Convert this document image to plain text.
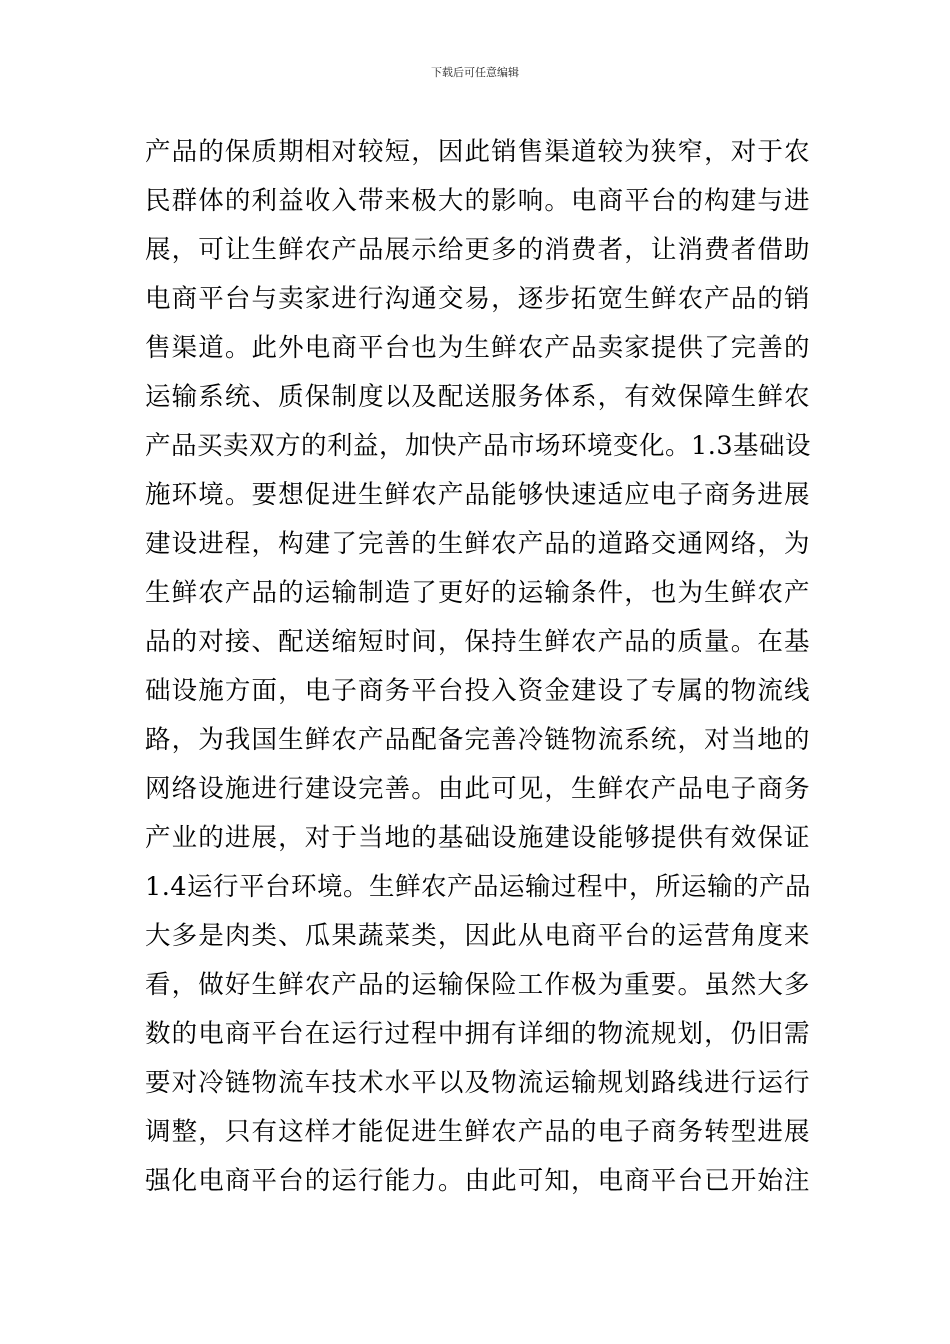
下载后可任意编辑
产品的保质期相对较短，因此销售渠道较为狭窄，对于农
民群体的利益收入带来极大的影响。电商平台的构建与进
展，可让生鲜农产品展示给更多的消费者，让消费者借助
电商平台与卖家进行沟通交易，逐步拓宽生鲜农产品的销
售渠道。此外电商平台也为生鲜农产品卖家提供了完善的
运输系统、质保制度以及配送服务体系，有效保障生鲜农
产品买卖双方的利益，加快产品市场环境变化。1.3基础设
施环境。要想促进生鲜农产品能够快速适应电子商务进展
建设进程，构建了完善的生鲜农产品的道路交通网络，为
生鲜农产品的运输制造了更好的运输条件，也为生鲜农产
品的对接、配送缩短时间，保持生鲜农产品的质量。在基
础设施方面，电子商务平台投入资金建设了专属的物流线
路，为我国生鲜农产品配备完善冷链物流系统，对当地的
网络设施进行建设完善。由此可见，生鲜农产品电子商务
产业的进展，对于当地的基础设施建设能够提供有效保证
1.4运行平台环境。生鲜农产品运输过程中，所运输的产品
大多是肉类、瓜果蔬菜类，因此从电商平台的运营角度来
看，做好生鲜农产品的运输保险工作极为重要。虽然大多
数的电商平台在运行过程中拥有详细的物流规划，仍旧需
要对冷链物流车技术水平以及物流运输规划路线进行运行
调整，只有这样才能促进生鲜农产品的电子商务转型进展
强化电商平台的运行能力。由此可知，电商平台已开始注
